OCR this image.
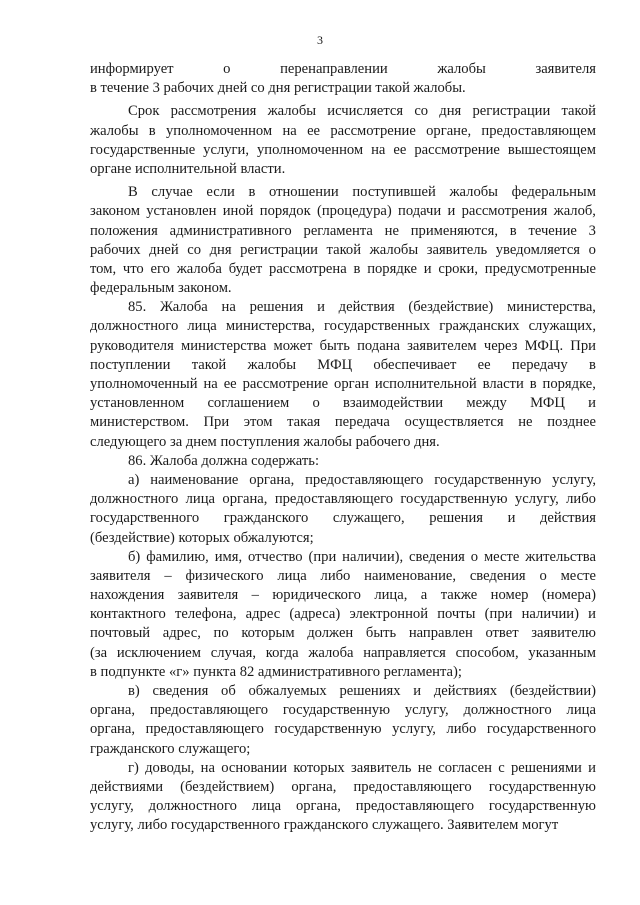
3
информирует	о	перенаправлении	жалобы	заявителя
в течение 3 рабочих дней со дня регистрации такой жалобы.
Срок рассмотрения жалобы исчисляется со дня регистрации такой
жалобы в уполномоченном на ее рассмотрение органе, предоставляющем
государственные услуги, уполномоченном на ее рассмотрение вышестоящем
органе исполнительной власти.
В случае если в отношении поступившей жалобы федеральным
законом установлен иной порядок (процедура) подачи и рассмотрения жалоб,
положения административного регламента не применяются, в течение 3
рабочих дней со дня регистрации такой жалобы заявитель уведомляется о
том, что его жалоба будет рассмотрена в порядке и сроки, предусмотренные
федеральным законом.
85. Жалоба на решения и действия (бездействие) министерства,
должностного лица министерства, государственных гражданских служащих,
руководителя министерства может быть подана заявителем через МФЦ. При
поступлении такой жалобы МФЦ обеспечивает ее передачу в
уполномоченный на ее рассмотрение орган исполнительной власти в порядке,
установленном соглашением о взаимодействии между МФЦ и
министерством. При этом такая передача осуществляется не позднее
следующего за днем поступления жалобы рабочего дня.
86. Жалоба должна содержать:
а) наименование органа, предоставляющего государственную услугу,
должностного лица органа, предоставляющего государственную услугу, либо
государственного гражданского служащего, решения и действия
(бездействие) которых обжалуются;
б) фамилию, имя, отчество (при наличии), сведения о месте жительства
заявителя – физического лица либо наименование, сведения о месте
нахождения заявителя – юридического лица, а также номер (номера)
контактного телефона, адрес (адреса) электронной почты (при наличии) и
почтовый адрес, по которым должен быть направлен ответ заявителю
(за исключением случая, когда жалоба направляется способом, указанным
в подпункте «г» пункта 82 административного регламента);
в) сведения об обжалуемых решениях и действиях (бездействии)
органа, предоставляющего государственную услугу, должностного лица
органа, предоставляющего государственную услугу, либо государственного
гражданского служащего;
г) доводы, на основании которых заявитель не согласен с решениями и
действиями (бездействием) органа, предоставляющего государственную
услугу, должностного лица органа, предоставляющего государственную
услугу, либо государственного гражданского служащего. Заявителем могут
